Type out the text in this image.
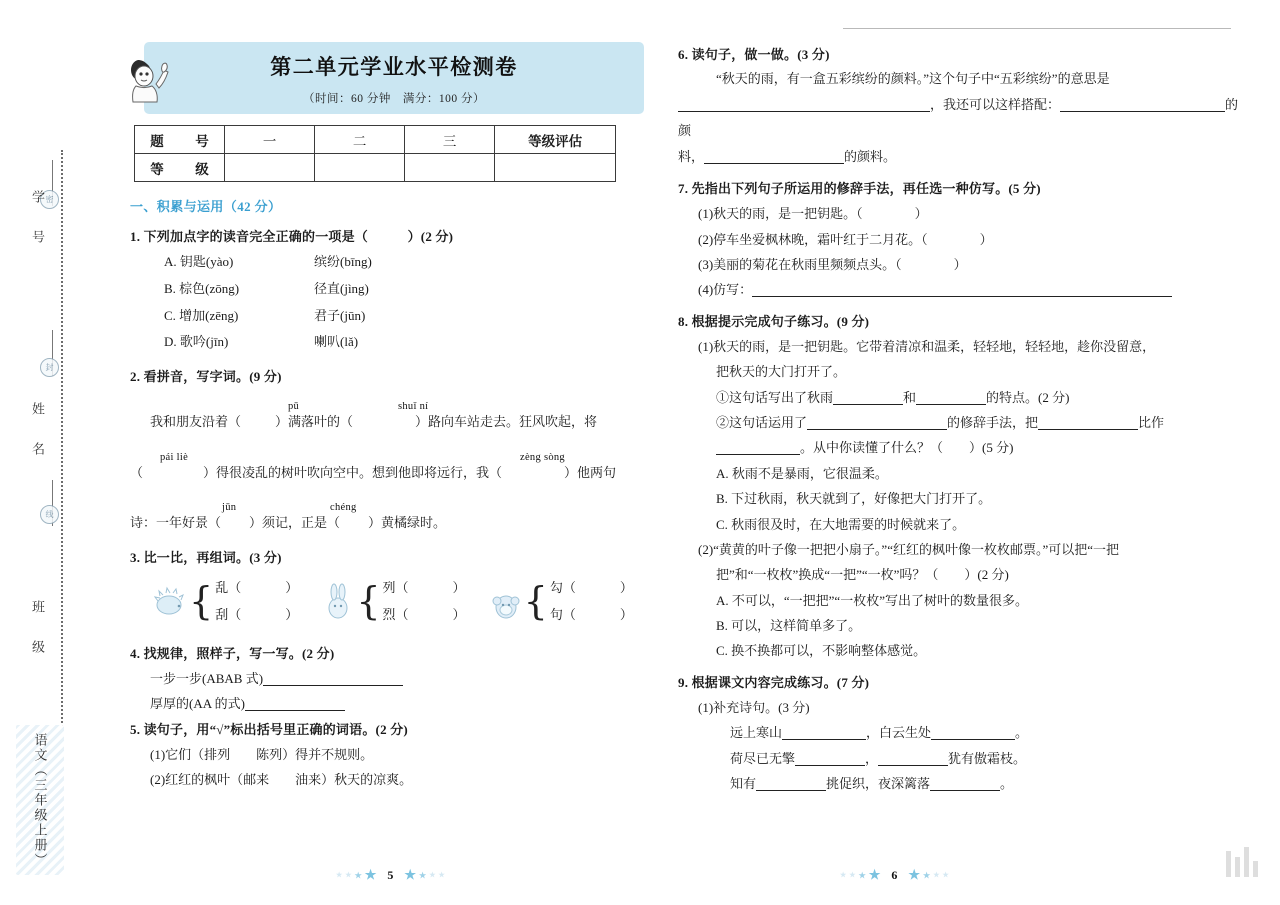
密
学　号
封
姓　名
线
班　级
语文（三年级上册）
第二单元学业水平检测卷
（时间：60 分钟　满分：100 分）
题　号	一	二	三	等级评估
等　级				
一、积累与运用（42 分）
1. 下列加点字的读音完全正确的一项是（　　　）(2 分)
A. 钥匙(yào)	缤纷(bīng)
B. 棕色(zōng)	径直(jìng)
C. 增加(zēng)	君子(jūn)
D. 歌吟(jīn)	喇叭(lǎ)
2. 看拼音，写字词。(9 分)
pū	shuǐ ní
我和朋友沿着（	）满落叶的（	）路向车站走去。狂风吹起，将
pái liè	zèng sòng
（	）得很凌乱的树叶吹向空中。想到他即将远行，我（	）他两句
jūn	chéng
诗：一年好景（ ）须记，正是（ ）黄橘绿时。
3. 比一比，再组词。(3 分)
{ 乱（	）
刮（	） { 列（	）
烈（	） { 勾（	）
句（	）
4. 找规律，照样子，写一写。(2 分)
一步一步(ABAB 式)
厚厚的(AA 的式)
5. 读句子，用“√”标出括号里正确的词语。(2 分)
(1)它们（排列　　陈列）得并不规则。
(2)红红的枫叶（邮来　　油来）秋天的凉爽。
★ ★ ★ ★ 5 ★ ★ ★ ★
6. 读句子，做一做。(3 分)
“秋天的雨，有一盒五彩缤纷的颜料。”这个句子中“五彩缤纷”的意思是
，我还可以这样搭配：	的颜
料，	的颜料。
7. 先指出下列句子所运用的修辞手法，再任选一种仿写。(5 分)
(1)秋天的雨，是一把钥匙。（　　　　）
(2)停车坐爱枫林晚，霜叶红于二月花。（　　　　）
(3)美丽的菊花在秋雨里频频点头。（　　　　）
(4)仿写：
8. 根据提示完成句子练习。(9 分)
(1)秋天的雨，是一把钥匙。它带着清凉和温柔，轻轻地，轻轻地，趁你没留意，
把秋天的大门打开了。
①这句话写出了秋雨	和	的特点。(2 分)
②这句话运用了	的修辞手法，把	比作
。从中你读懂了什么？（　　）(5 分)
A. 秋雨不是暴雨，它很温柔。
B. 下过秋雨，秋天就到了，好像把大门打开了。
C. 秋雨很及时，在大地需要的时候就来了。
(2)“黄黄的叶子像一把把小扇子。”“红红的枫叶像一枚枚邮票。”可以把“一把
把”和“一枚枚”换成“一把”“一枚”吗？（　　）(2 分)
A. 不可以，“一把把”“一枚枚”写出了树叶的数量很多。
B. 可以，这样简单多了。
C. 换不换都可以，不影响整体感觉。
9. 根据课文内容完成练习。(7 分)
(1)补充诗句。(3 分)
远上寒山	，白云生处	。
荷尽已无擎	，	犹有傲霜枝。
知有	挑促织，夜深篱落	。
★ ★ ★ ★ 6 ★ ★ ★ ★
